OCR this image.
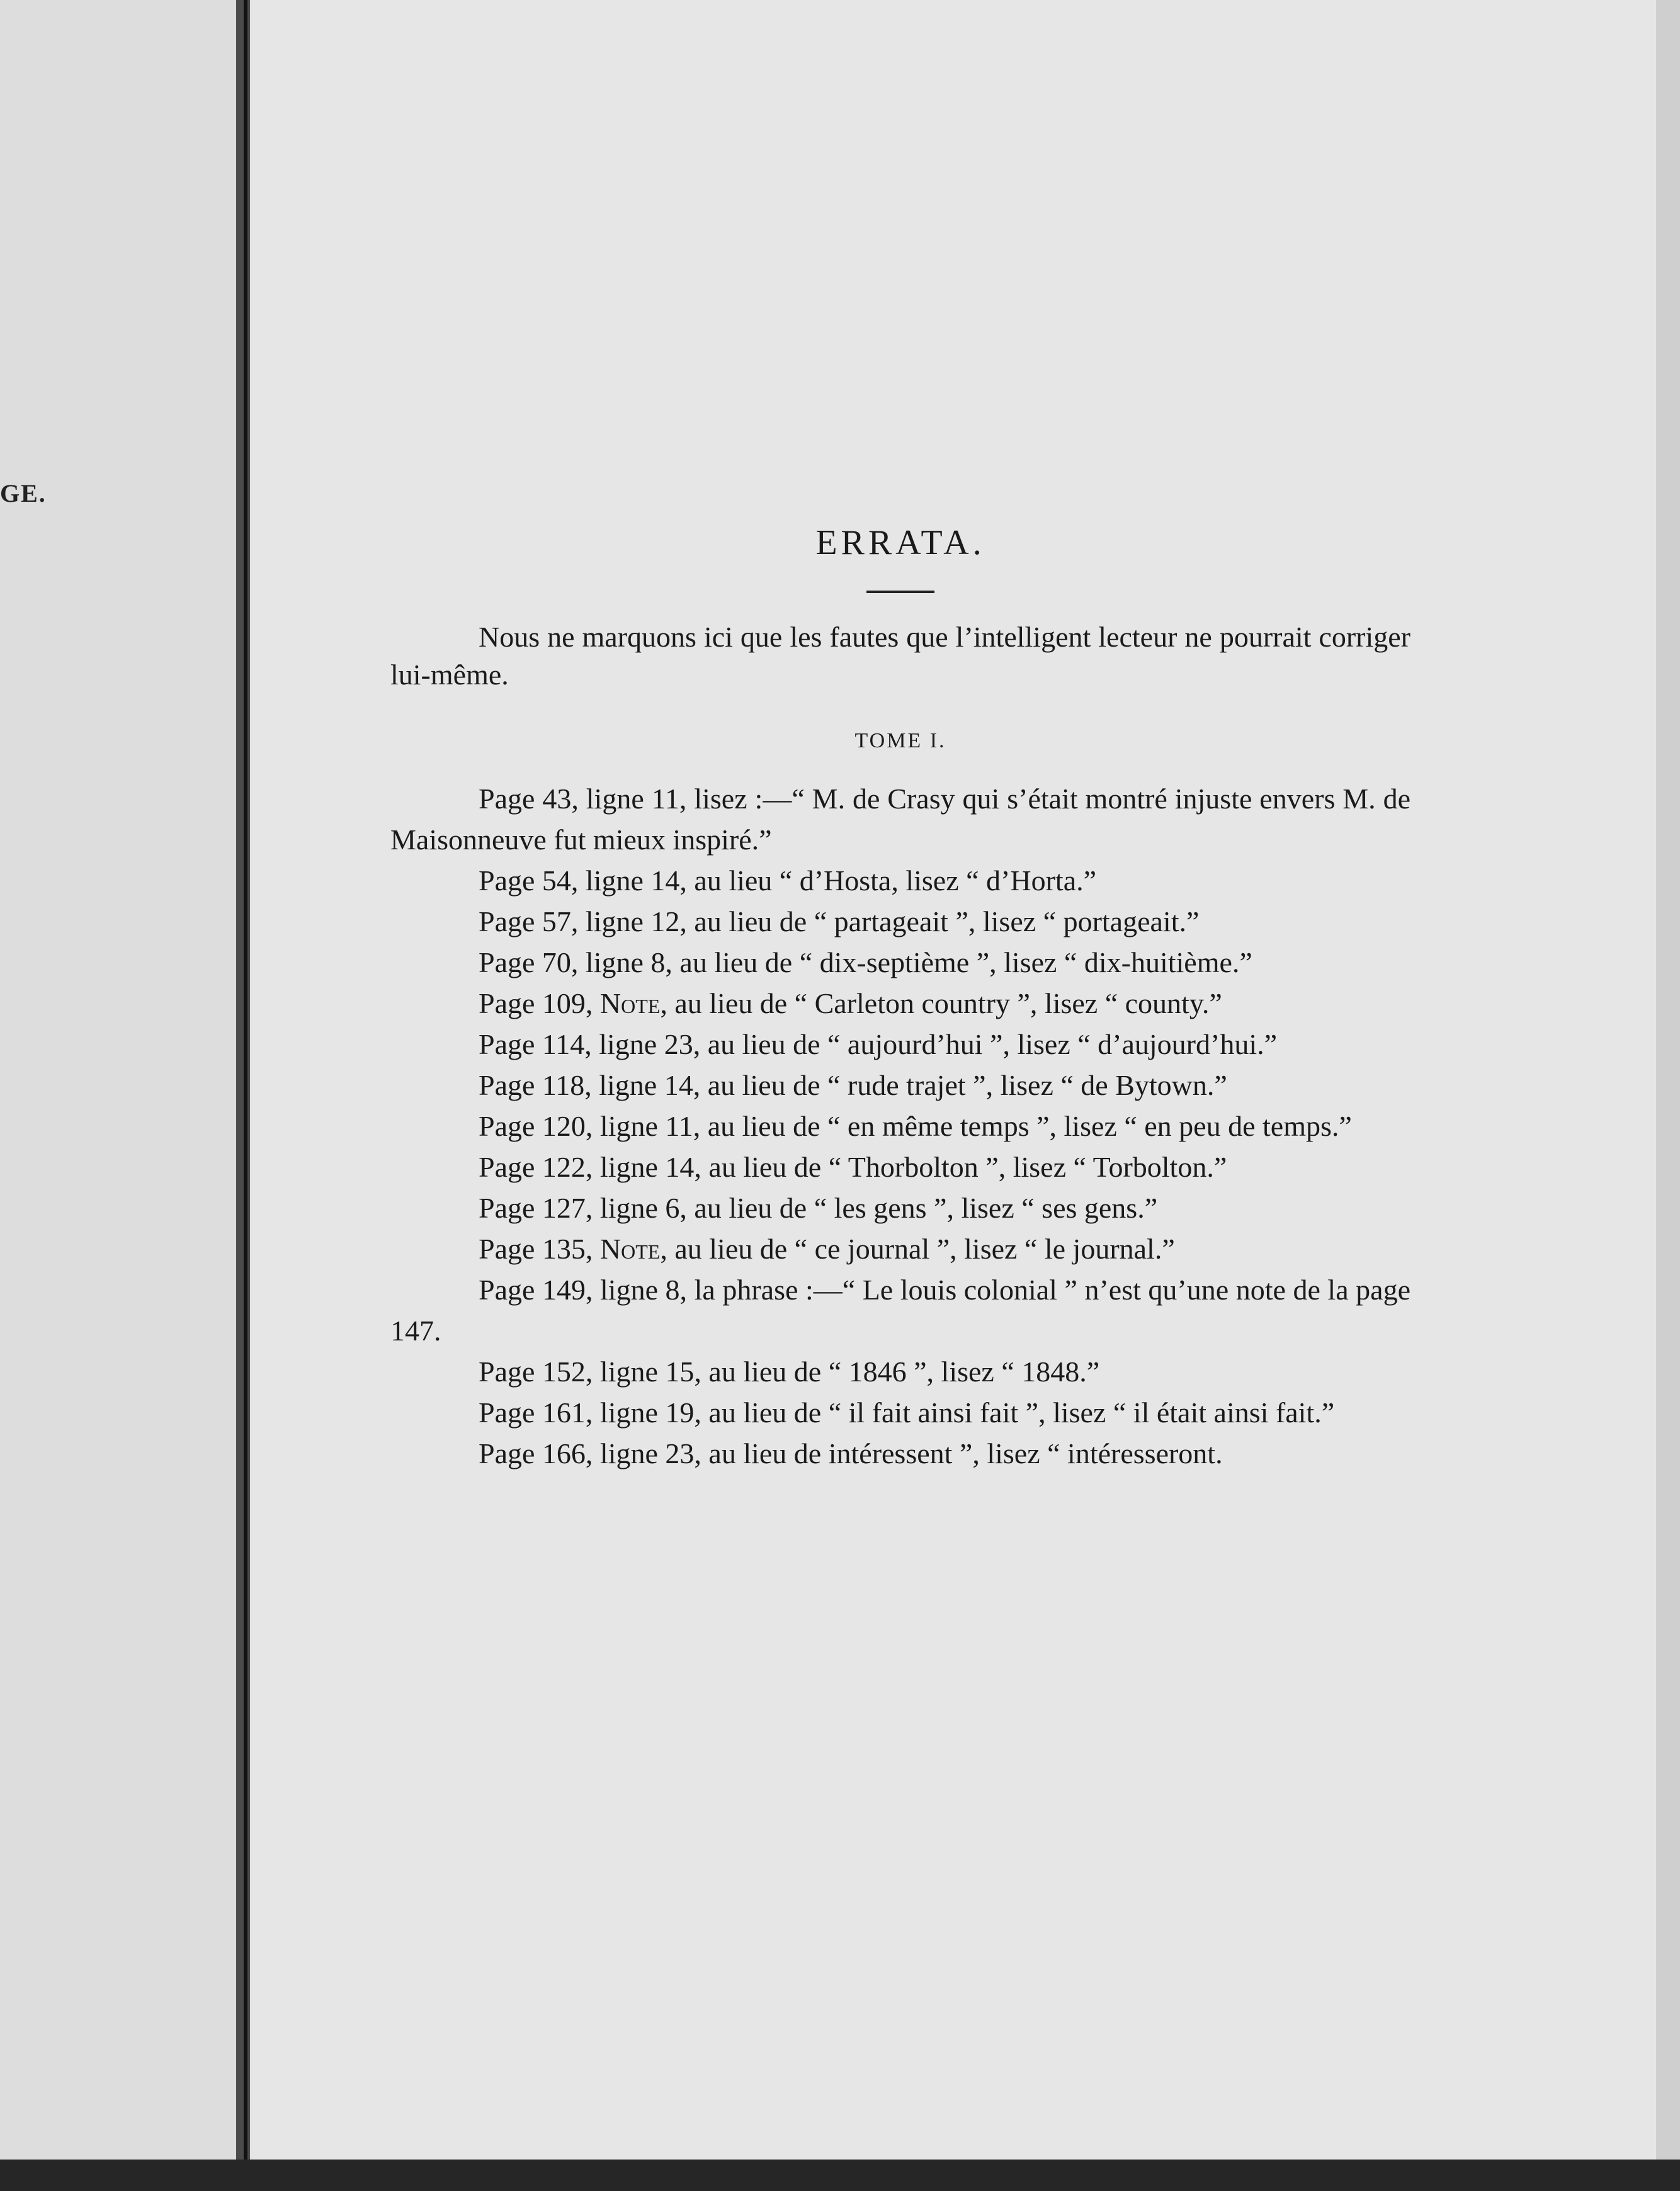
GE.
ERRATA.

Nous ne marquons ici que les fautes que l’intelligent lecteur ne pourrait corriger lui-même.

TOME I.

Page 43, ligne 11, lisez :—“ M. de Crasy qui s’était montré injuste envers M. de Maisonneuve fut mieux inspiré.”

Page 54, ligne 14, au lieu “ d’Hosta, lisez “ d’Horta.”

Page 57, ligne 12, au lieu de “ partageait ”, lisez “ portageait.”

Page 70, ligne 8, au lieu de “ dix-septième ”, lisez “ dix-huitième.”

Page 109, Note, au lieu de “ Carleton country ”, lisez “ county.”

Page 114, ligne 23, au lieu de “ aujourd’hui ”, lisez “ d’aujourd’hui.”

Page 118, ligne 14, au lieu de “ rude trajet ”, lisez “ de Bytown.”

Page 120, ligne 11, au lieu de “ en même temps ”, lisez “ en peu de temps.”

Page 122, ligne 14, au lieu de “ Thorbolton ”, lisez “ Torbolton.”

Page 127, ligne 6, au lieu de “ les gens ”, lisez “ ses gens.”

Page 135, Note, au lieu de “ ce journal ”, lisez “ le journal.”

Page 149, ligne 8, la phrase :—“ Le louis colonial ” n’est qu’une note de la page 147.

Page 152, ligne 15, au lieu de “ 1846 ”, lisez “ 1848.”

Page 161, ligne 19, au lieu de “ il fait ainsi fait ”, lisez “ il était ainsi fait.”

Page 166, ligne 23, au lieu de intéressent ”, lisez “ intéresseront.
